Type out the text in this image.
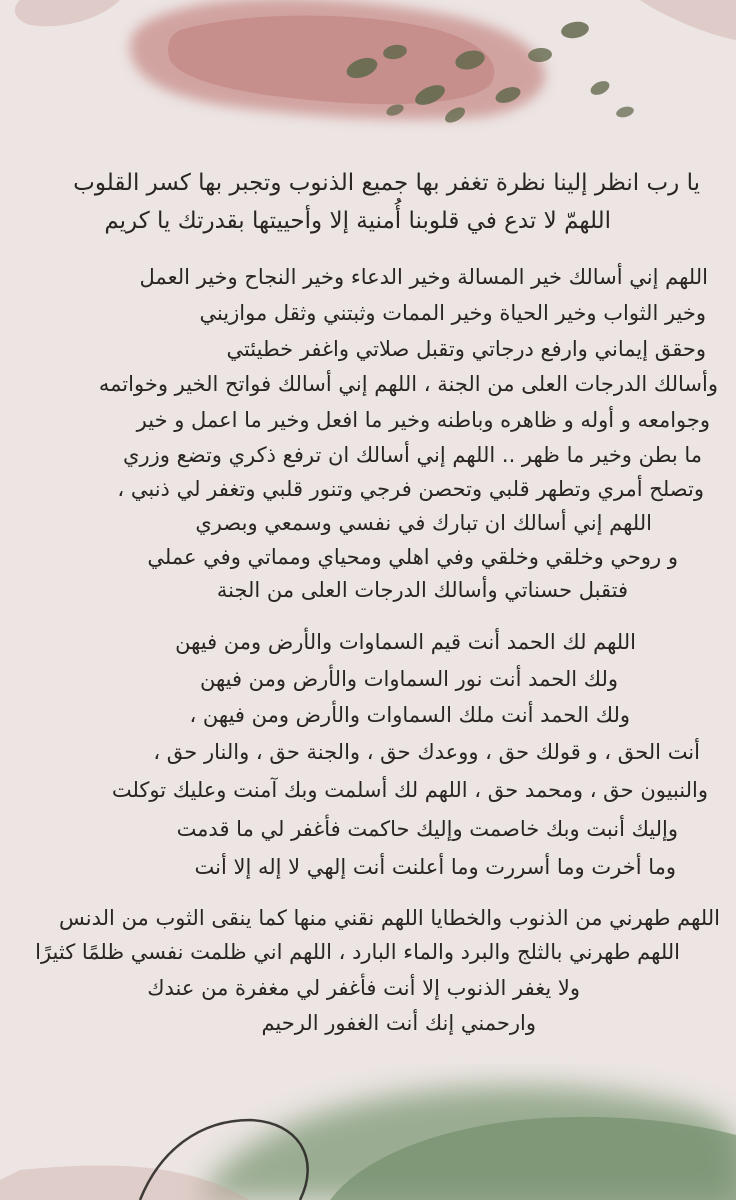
يا رب انظر إلينا نظرة تغفر بها جميع الذنوب وتجبر بها كسر القلوب
اللهمّ لا تدع في قلوبنا أُمنية إلا وأحييتها بقدرتك يا كريم
اللهم إني أسالك خير المسالة وخير الدعاء وخير النجاح وخير العمل
وخير الثواب وخير الحياة وخير الممات وثبتني وثقل موازيني
وحقق إيماني وارفع درجاتي وتقبل صلاتي واغفر خطيئتي
وأسالك الدرجات العلى من الجنة ، اللهم إني أسالك فواتح الخير وخواتمه
وجوامعه و أوله و ظاهره وباطنه وخير ما افعل وخير ما اعمل و خير
ما بطن وخير ما ظهر .. اللهم إني أسالك ان ترفع ذكري وتضع وزري
وتصلح أمري وتطهر قلبي وتحصن فرجي وتنور قلبي وتغفر لي ذنبي ،
اللهم إني أسالك ان تبارك في نفسي وسمعي وبصري
و روحي وخلقي وخلقي وفي اهلي ومحياي ومماتي وفي عملي
فتقبل حسناتي وأسالك الدرجات العلى من الجنة
اللهم لك الحمد أنت قيم السماوات والأرض ومن فيهن
ولك الحمد أنت نور السماوات والأرض ومن فيهن
ولك الحمد أنت ملك السماوات والأرض ومن فيهن ،
أنت الحق ، و قولك حق ، ووعدك حق ، والجنة حق ، والنار حق ،
والنبيون حق ، ومحمد حق ، اللهم لك أسلمت وبك آمنت وعليك توكلت
وإليك أنبت وبك خاصمت وإليك حاكمت فأغفر لي ما قدمت
وما أخرت وما أسررت وما أعلنت أنت إلهي لا إله إلا أنت
اللهم طهرني من الذنوب والخطايا اللهم نقني منها كما ينقى الثوب من الدنس
اللهم طهرني بالثلج والبرد والماء البارد ، اللهم اني ظلمت نفسي ظلمًا كثيرًا
ولا يغفر الذنوب إلا أنت فأغفر لي مغفرة من عندك
وارحمني إنك أنت الغفور الرحيم
